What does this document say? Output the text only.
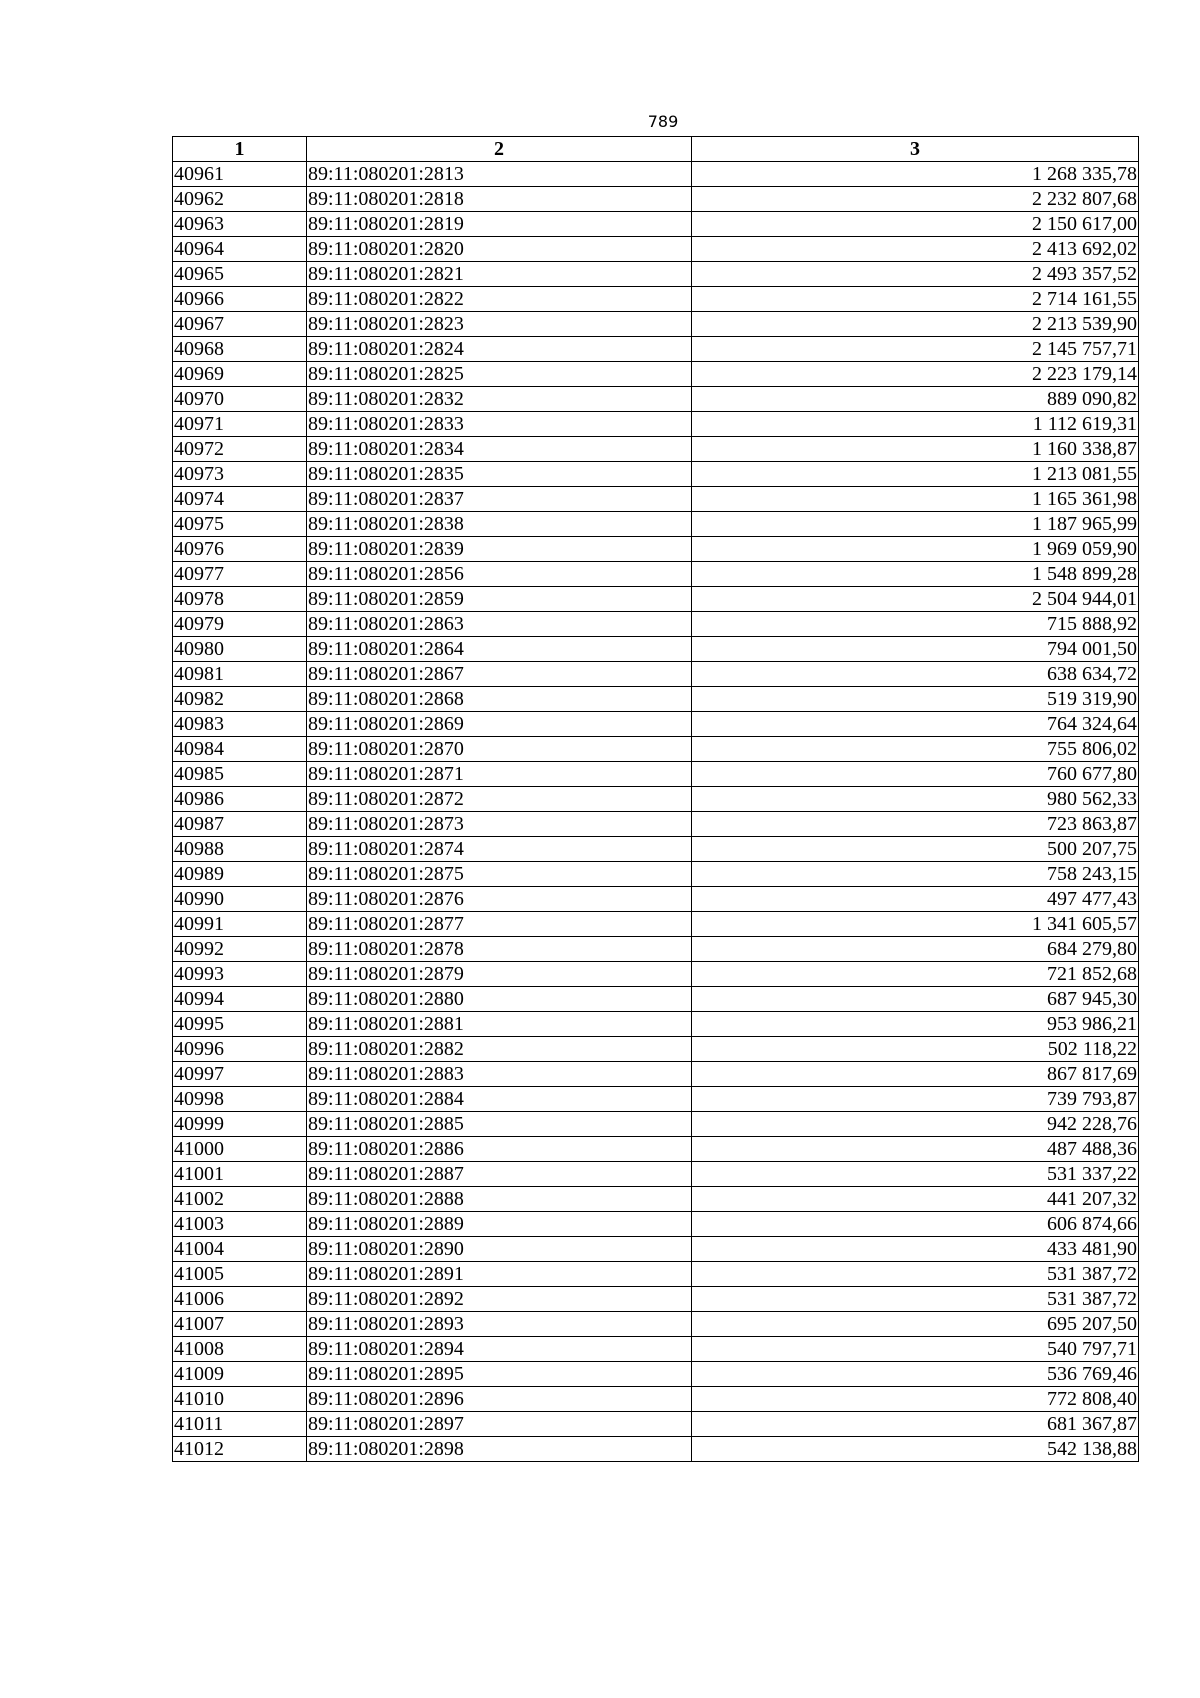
789
1	2	3
40961	89:11:080201:2813	1 268 335,78
40962	89:11:080201:2818	2 232 807,68
40963	89:11:080201:2819	2 150 617,00
40964	89:11:080201:2820	2 413 692,02
40965	89:11:080201:2821	2 493 357,52
40966	89:11:080201:2822	2 714 161,55
40967	89:11:080201:2823	2 213 539,90
40968	89:11:080201:2824	2 145 757,71
40969	89:11:080201:2825	2 223 179,14
40970	89:11:080201:2832	889 090,82
40971	89:11:080201:2833	1 112 619,31
40972	89:11:080201:2834	1 160 338,87
40973	89:11:080201:2835	1 213 081,55
40974	89:11:080201:2837	1 165 361,98
40975	89:11:080201:2838	1 187 965,99
40976	89:11:080201:2839	1 969 059,90
40977	89:11:080201:2856	1 548 899,28
40978	89:11:080201:2859	2 504 944,01
40979	89:11:080201:2863	715 888,92
40980	89:11:080201:2864	794 001,50
40981	89:11:080201:2867	638 634,72
40982	89:11:080201:2868	519 319,90
40983	89:11:080201:2869	764 324,64
40984	89:11:080201:2870	755 806,02
40985	89:11:080201:2871	760 677,80
40986	89:11:080201:2872	980 562,33
40987	89:11:080201:2873	723 863,87
40988	89:11:080201:2874	500 207,75
40989	89:11:080201:2875	758 243,15
40990	89:11:080201:2876	497 477,43
40991	89:11:080201:2877	1 341 605,57
40992	89:11:080201:2878	684 279,80
40993	89:11:080201:2879	721 852,68
40994	89:11:080201:2880	687 945,30
40995	89:11:080201:2881	953 986,21
40996	89:11:080201:2882	502 118,22
40997	89:11:080201:2883	867 817,69
40998	89:11:080201:2884	739 793,87
40999	89:11:080201:2885	942 228,76
41000	89:11:080201:2886	487 488,36
41001	89:11:080201:2887	531 337,22
41002	89:11:080201:2888	441 207,32
41003	89:11:080201:2889	606 874,66
41004	89:11:080201:2890	433 481,90
41005	89:11:080201:2891	531 387,72
41006	89:11:080201:2892	531 387,72
41007	89:11:080201:2893	695 207,50
41008	89:11:080201:2894	540 797,71
41009	89:11:080201:2895	536 769,46
41010	89:11:080201:2896	772 808,40
41011	89:11:080201:2897	681 367,87
41012	89:11:080201:2898	542 138,88
